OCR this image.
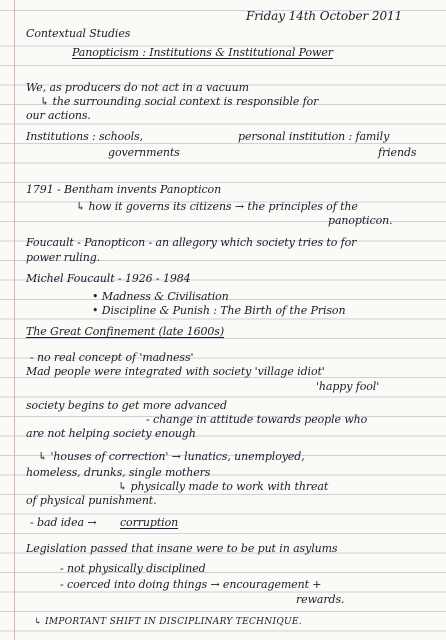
Friday 14th October 2011
Contextual Studies
Panopticism : Institutions & Institutional Power
We, as producers do not act in a vacuum
↳ the surrounding social context is responsible for
our actions.
Institutions : schools,	personal institution : family
governments	friends
1791 - Bentham invents Panopticon
↳ how it governs its citizens → the principles of the
panopticon.
Foucault - Panopticon - an allegory which society tries to for
power ruling.
Michel Foucault - 1926 - 1984
• Madness & Civilisation
• Discipline & Punish : The Birth of the Prison
The Great Confinement (late 1600s)
- no real concept of 'madness'
Mad people were integrated with society 'village idiot'
'happy fool'
society begins to get more advanced
- change in attitude towards people who
are not helping society enough
↳ 'houses of correction' → lunatics, unemployed,
homeless, drunks, single mothers
↳ physically made to work with threat
of physical punishment.
- bad idea → corruption
Legislation passed that insane were to be put in asylums
- not physically disciplined
- coerced into doing things → encouragement +
rewards.
↳ IMPORTANT SHIFT IN DISCIPLINARY TECHNIQUE.
